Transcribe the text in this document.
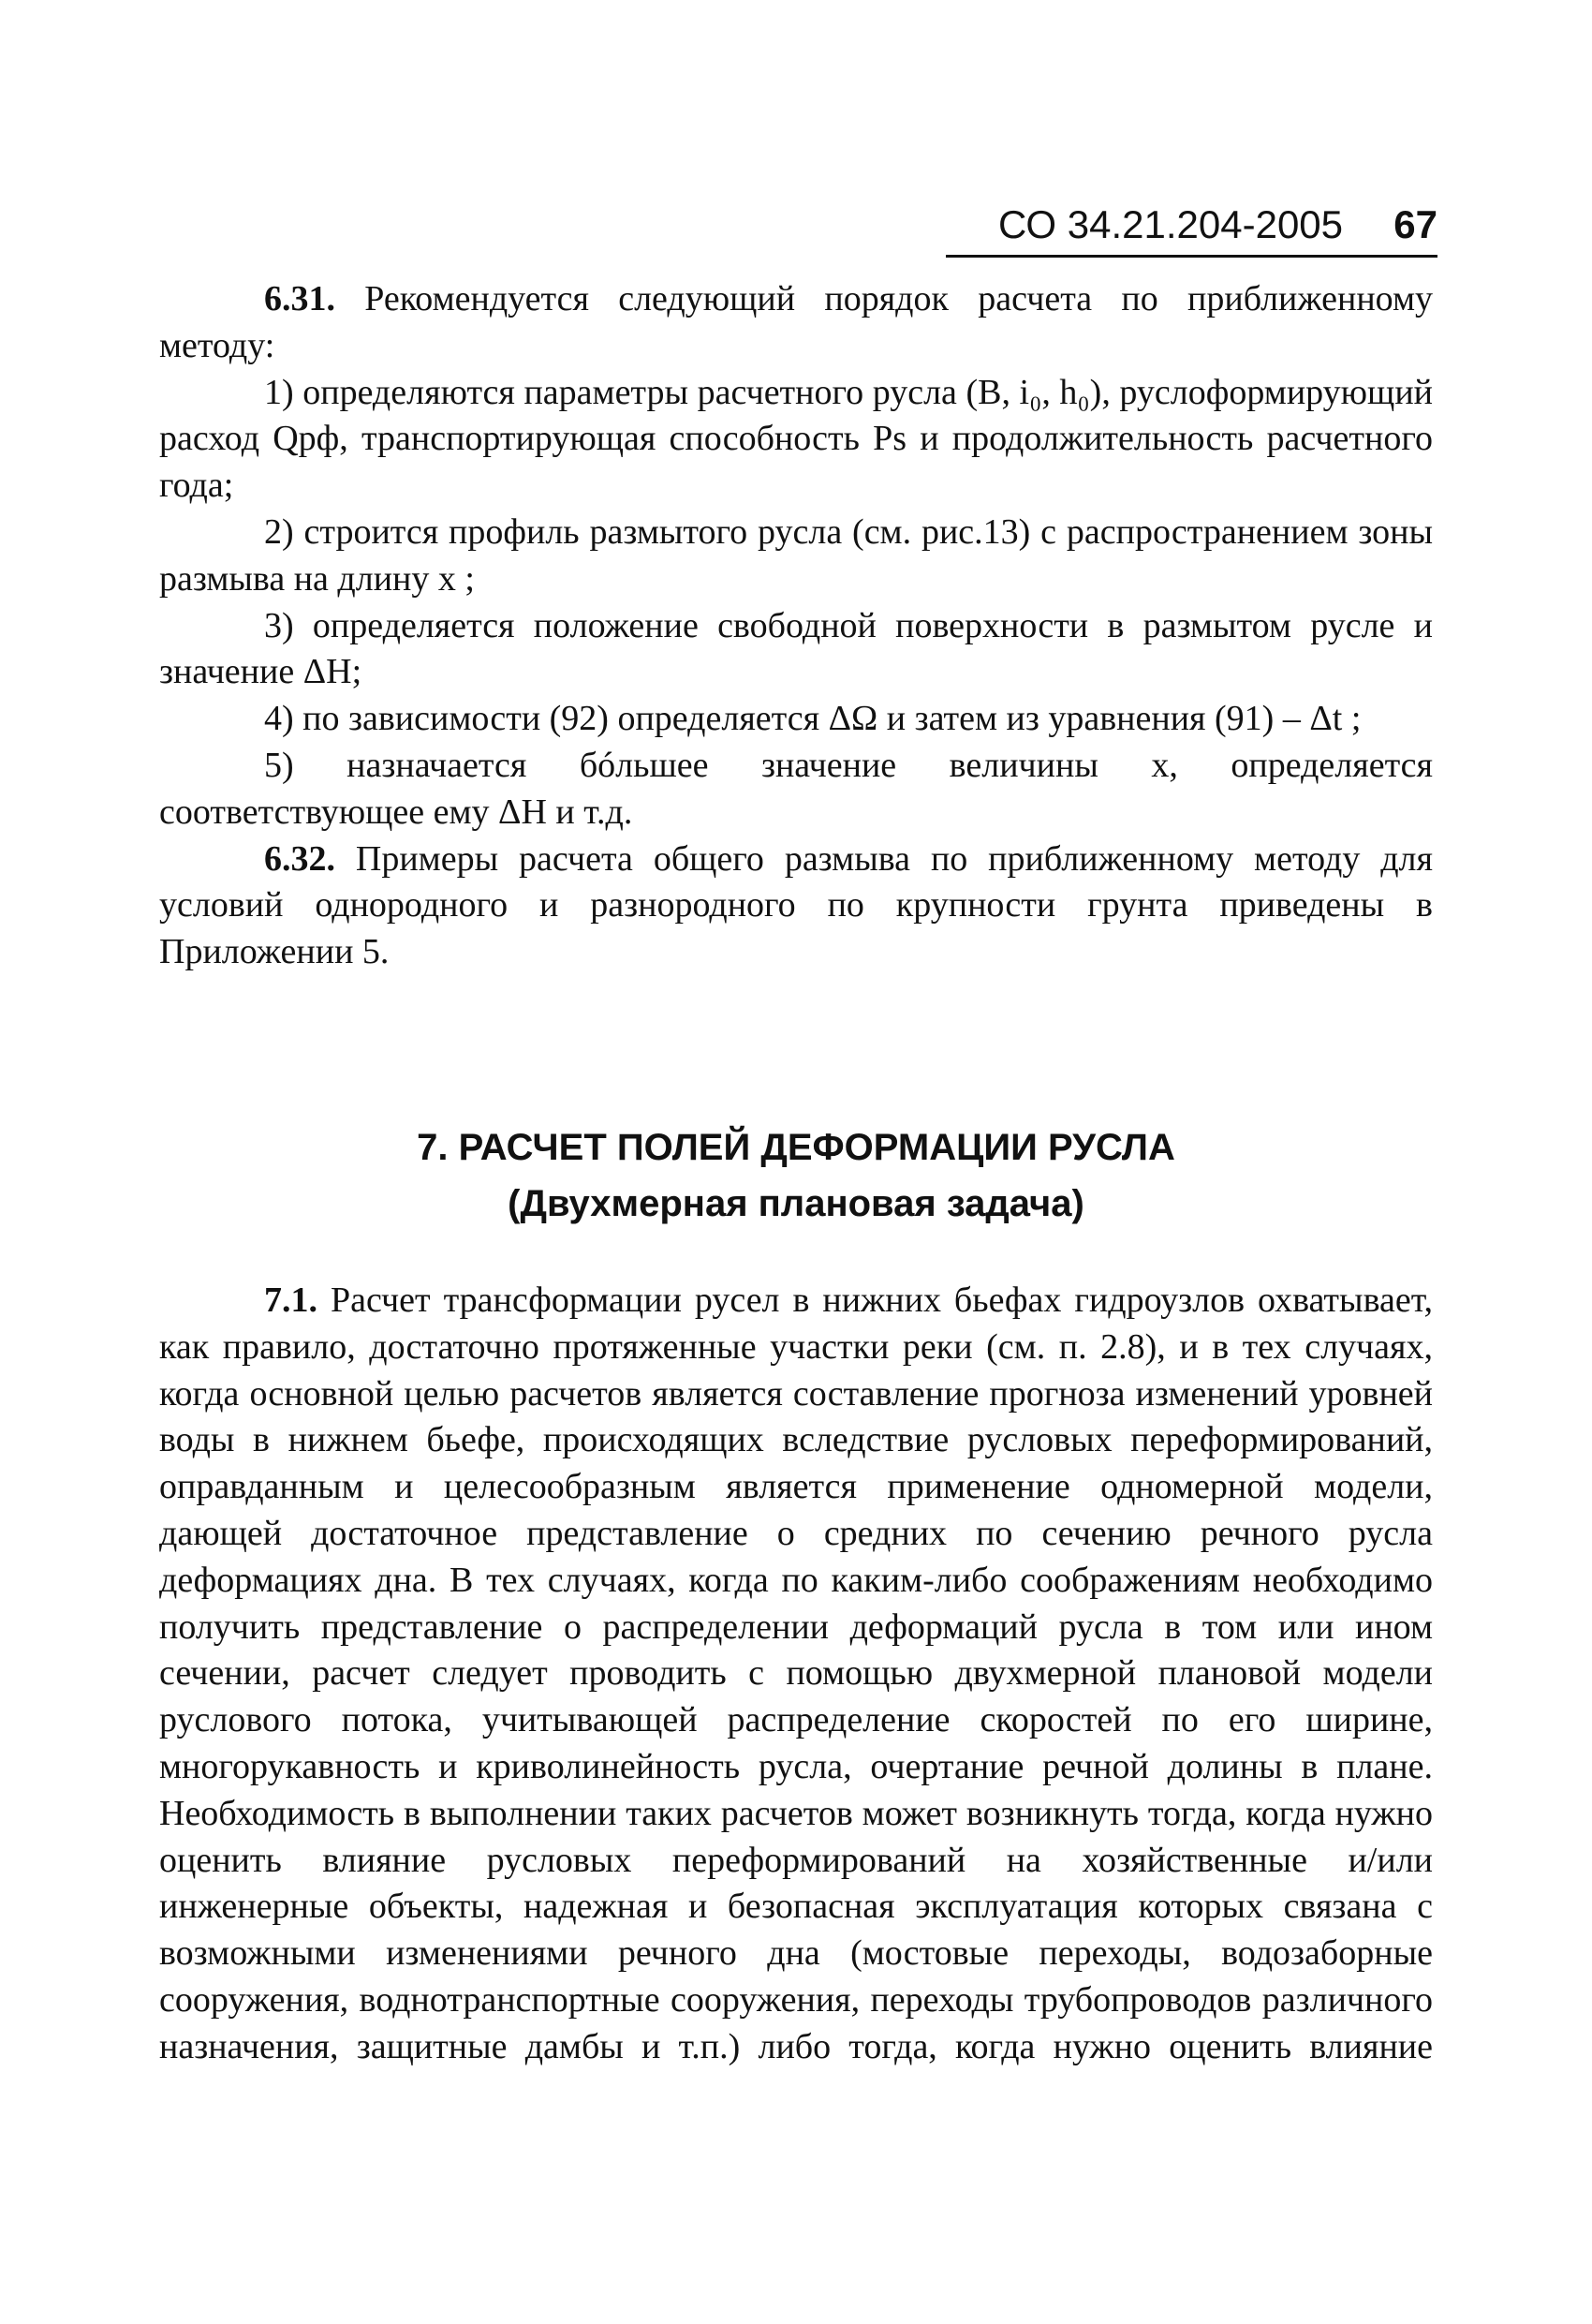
СО 34.21.204-2005 67

6.31. Рекомендуется следующий порядок расчета по приближенному методу:

1) определяются параметры расчетного русла (B, i₀, h₀), руслоформирующий расход Qрф, транспортирующая способность Ps и продолжительность расчетного года;

2) строится профиль размытого русла (см. рис.13) с распространением зоны размыва на длину x ;

3) определяется положение свободной поверхности в размытом русле и значение ΔH;

4) по зависимости (92) определяется ΔΩ и затем из уравнения (91) – Δt ;

5) назначается бóльшее значение величины x, определяется соответствующее ему ΔH и т.д.

6.32. Примеры расчета общего размыва по приближенному методу для условий однородного и разнородного по крупности грунта приведены в Приложении 5.

7. РАСЧЕТ ПОЛЕЙ ДЕФОРМАЦИИ РУСЛА
(Двухмерная плановая задача)

7.1. Расчет трансформации русел в нижних бьефах гидроузлов охватывает, как правило, достаточно протяженные участки реки (см. п. 2.8), и в тех случаях, когда основной целью расчетов является составление прогноза изменений уровней воды в нижнем бьефе, происходящих вследствие русловых переформирований, оправданным и целесообразным является применение одномерной модели, дающей достаточное представление о средних по сечению речного русла деформациях дна. В тех случаях, когда по каким-либо соображениям необходимо получить представление о распределении деформаций русла в том или ином сечении, расчет следует проводить с помощью двухмерной плановой модели руслового потока, учитывающей распределение скоростей по его ширине, многорукавность и криволинейность русла, очертание речной долины в плане. Необходимость в выполнении таких расчетов может возникнуть тогда, когда нужно оценить влияние русловых переформирований на хозяйственные и/или инженерные объекты, надежная и безопасная эксплуатация которых связана с возможными изменениями речного дна (мостовые переходы, водозаборные сооружения, воднотранспортные сооружения, переходы трубопроводов различного назначения, защитные дамбы и т.п.) либо тогда, когда нужно оценить влияние
